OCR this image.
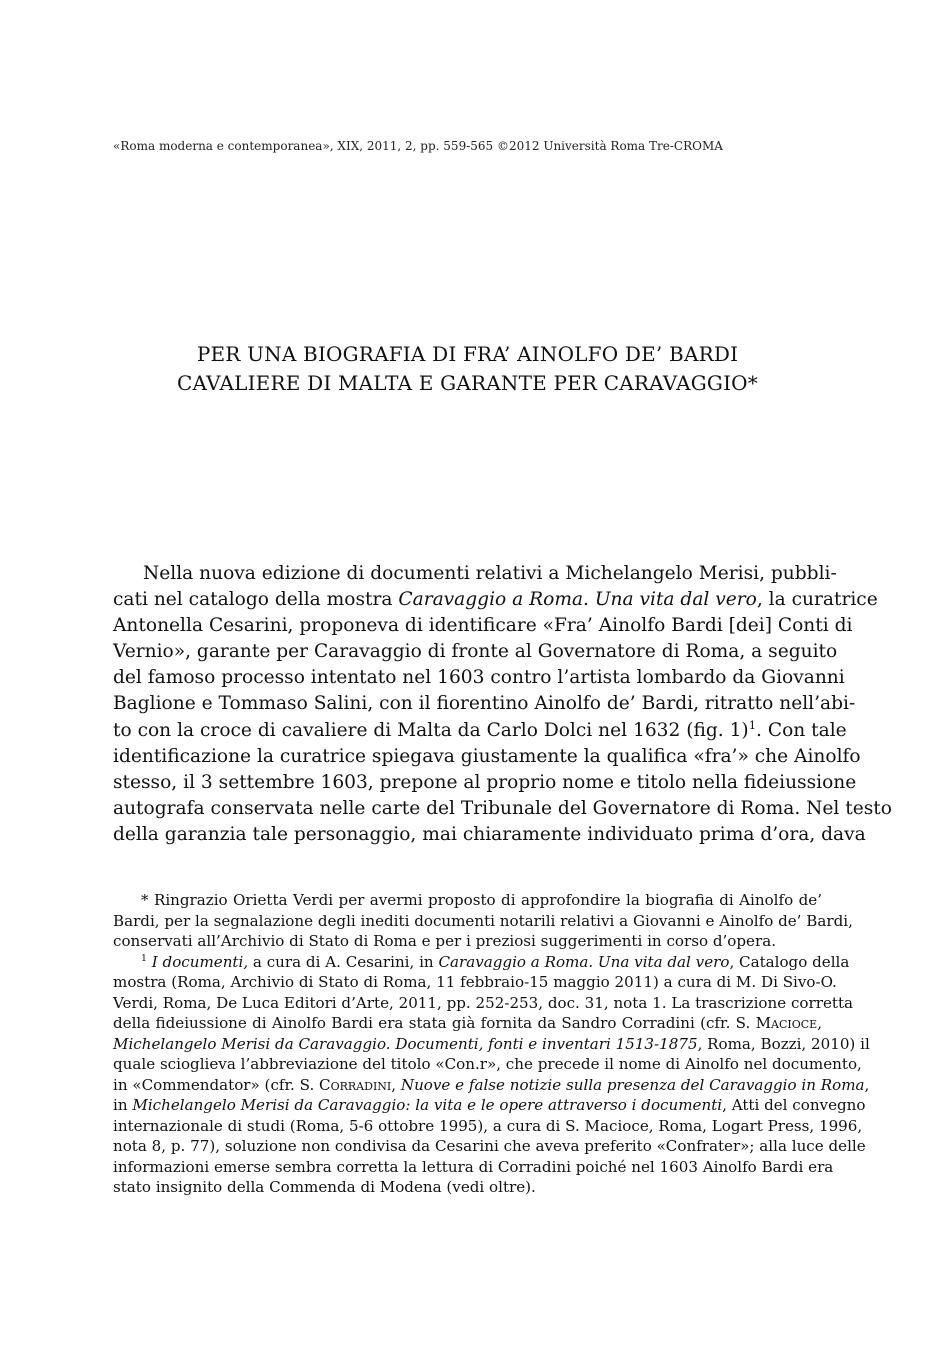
«Roma moderna e contemporanea», XIX, 2011, 2, pp. 559-565 ©2012 Università Roma Tre-CROMA
PER UNA BIOGRAFIA DI FRA’ AINOLFO DE’ BARDI
CAVALIERE DI MALTA E GARANTE PER CARAVAGGIO*
Nella nuova edizione di documenti relativi a Michelangelo Merisi, pubbli-
cati nel catalogo della mostra Caravaggio a Roma. Una vita dal vero, la curatrice
Antonella Cesarini, proponeva di identificare «Fra’ Ainolfo Bardi [dei] Conti di
Vernio», garante per Caravaggio di fronte al Governatore di Roma, a seguito
del famoso processo intentato nel 1603 contro l’artista lombardo da Giovanni
Baglione e Tommaso Salini, con il fiorentino Ainolfo de’ Bardi, ritratto nell’abi-
to con la croce di cavaliere di Malta da Carlo Dolci nel 1632 (fig. 1)$^1$. Con tale
identificazione la curatrice spiegava giustamente la qualifica «fra’» che Ainolfo
stesso, il 3 settembre 1603, prepone al proprio nome e titolo nella fideiussione
autografa conservata nelle carte del Tribunale del Governatore di Roma. Nel testo
della garanzia tale personaggio, mai chiaramente individuato prima d’ora, dava
* Ringrazio Orietta Verdi per avermi proposto di approfondire la biografia di Ainolfo de’
Bardi, per la segnalazione degli inediti documenti notarili relativi a Giovanni e Ainolfo de’ Bardi,
conservati all’Archivio di Stato di Roma e per i preziosi suggerimenti in corso d’opera.
$^1$ I documenti, a cura di A. Cesarini, in Caravaggio a Roma. Una vita dal vero, Catalogo della
mostra (Roma, Archivio di Stato di Roma, 11 febbraio-15 maggio 2011) a cura di M. Di Sivo-O.
Verdi, Roma, De Luca Editori d’Arte, 2011, pp. 252-253, doc. 31, nota 1. La trascrizione corretta
della fideiussione di Ainolfo Bardi era stata già fornita da Sandro Corradini (cfr. S. Macioce,
Michelangelo Merisi da Caravaggio. Documenti, fonti e inventari 1513-1875, Roma, Bozzi, 2010) il
quale scioglieva l’abbreviazione del titolo «Con.r», che precede il nome di Ainolfo nel documento,
in «Commendator» (cfr. S. Corradini, Nuove e false notizie sulla presenza del Caravaggio in Roma,
in Michelangelo Merisi da Caravaggio: la vita e le opere attraverso i documenti, Atti del convegno
internazionale di studi (Roma, 5-6 ottobre 1995), a cura di S. Macioce, Roma, Logart Press, 1996,
nota 8, p. 77), soluzione non condivisa da Cesarini che aveva preferito «Confrater»; alla luce delle
informazioni emerse sembra corretta la lettura di Corradini poiché nel 1603 Ainolfo Bardi era
stato insignito della Commenda di Modena (vedi oltre).
